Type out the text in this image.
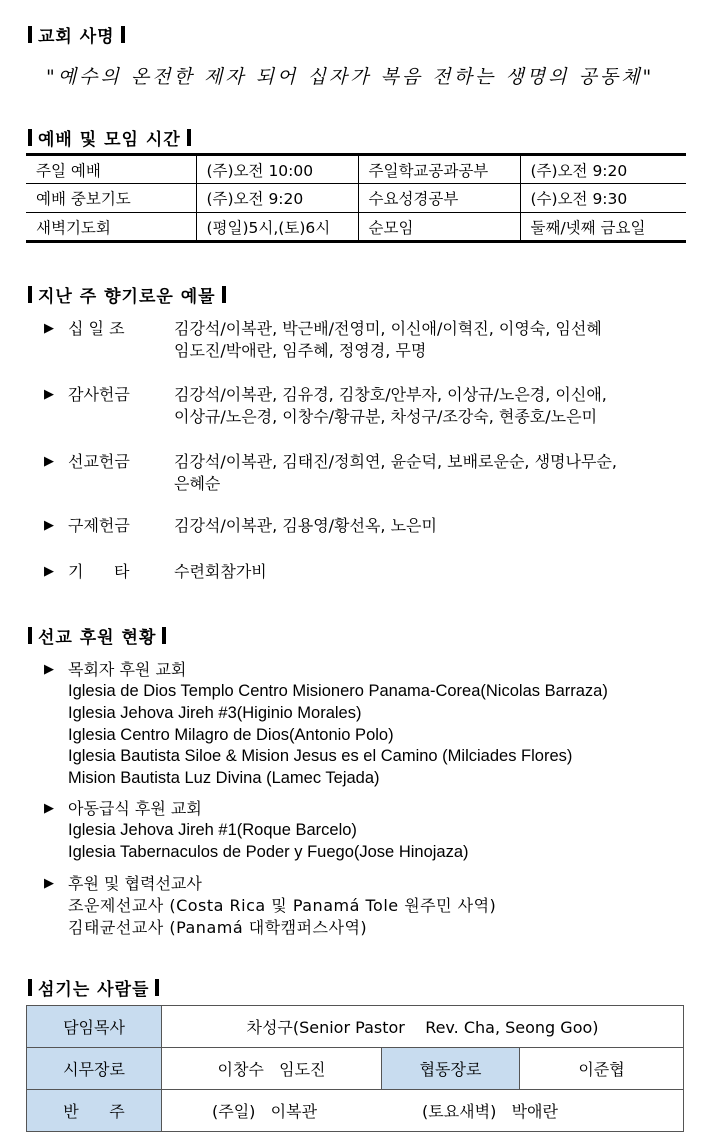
교회 사명
"예수의 온전한 제자 되어 십자가 복음 전하는 생명의 공동체"
예배 및 모임 시간
주일 예배	(주)오전 10:00	주일학교공과공부	(주)오전 9:20
예배 중보기도	(주)오전 9:20	수요성경공부	(수)오전 9:30
새벽기도회	(평일)5시,(토)6시	순모임	둘째/넷째 금요일
지난 주 향기로운 예물
▶ 십 일 조	김강석/이복관, 박근배/전영미, 이신애/이혁진, 이영숙, 임선혜
임도진/박애란, 임주혜, 정영경, 무명
▶ 감사헌금	김강석/이복관, 김유경, 김창호/안부자, 이상규/노은경, 이신애,
이상규/노은경, 이창수/황규분, 차성구/조강숙, 현종호/노은미
▶ 선교헌금	김강석/이복관, 김태진/정희연, 윤순덕, 보배로운순, 생명나무순,
은혜순
▶ 구제헌금	김강석/이복관, 김용영/황선옥, 노은미
▶ 기      타	수련회참가비
선교 후원 현황
▶ 목회자 후원 교회
Iglesia de Dios Templo Centro Misionero Panama-Corea(Nicolas Barraza)
Iglesia Jehova Jireh #3(Higinio Morales)
Iglesia Centro Milagro de Dios(Antonio Polo)
Iglesia Bautista Siloe & Mision Jesus es el Camino (Milciades Flores)
Mision Bautista Luz Divina (Lamec Tejada)
▶ 아동급식 후원 교회
Iglesia Jehova Jireh #1(Roque Barcelo)
Iglesia Tabernaculos de Poder y Fuego(Jose Hinojaza)
▶ 후원 및 협력선교사
조운제선교사 (Costa Rica 및 Panamá Tole 원주민 사역)
김태균선교사 (Panamá 대학캠퍼스사역)
섬기는 사람들
담임목사	차성구(Senior Pastor    Rev. Cha, Seong Goo)		
시무장로	이창수   임도진	협동장로	이준협
반      주	(주일)   이복관 (토요새벽)   박애란		
